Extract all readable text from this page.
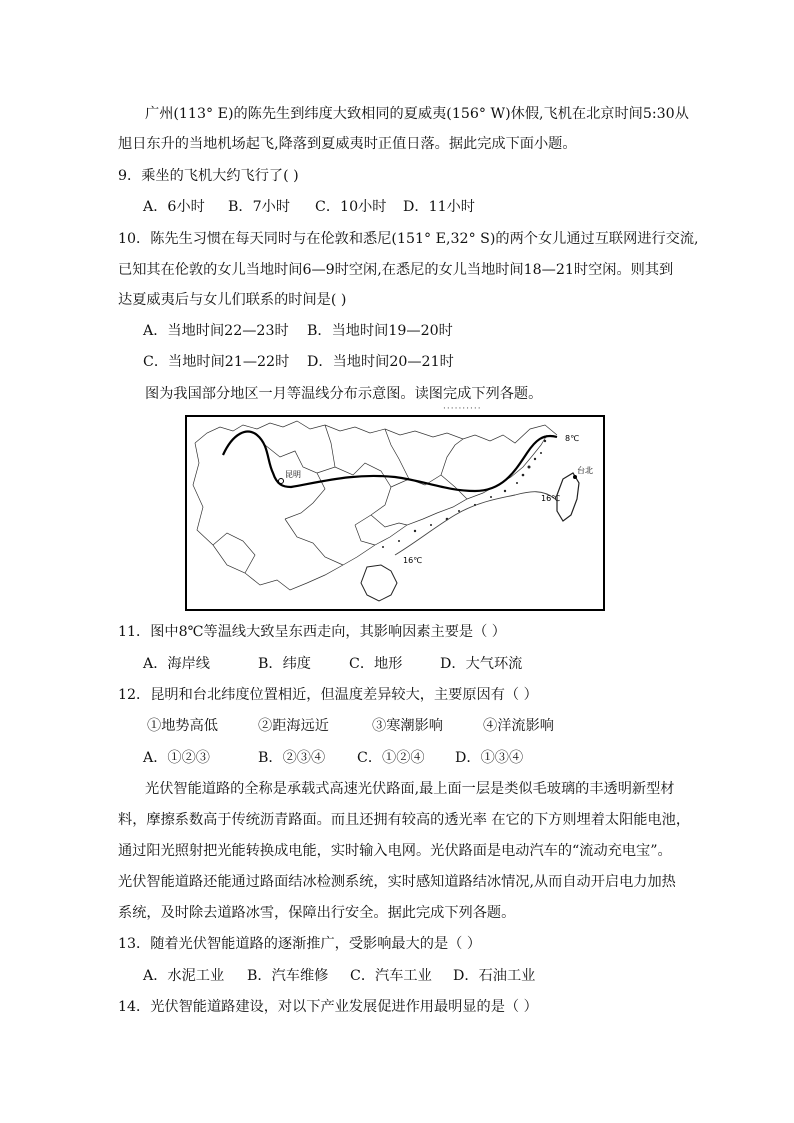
广州(113° E)的陈先生到纬度大致相同的夏威夷(156° W)休假,飞机在北京时间5:30从
旭日东升的当地机场起飞,降落到夏威夷时正值日落。据此完成下面小题。
9．乘坐的飞机大约飞行了( )
A．6小时 B．7小时 C．10小时 D．11小时
10．陈先生习惯在每天同时与在伦敦和悉尼(151° E,32° S)的两个女儿通过互联网进行交流,
已知其在伦敦的女儿当地时间6—9时空闲,在悉尼的女儿当地时间18—21时空闲。则其到
达夏威夷后与女儿们联系的时间是( )
A．当地时间22—23时 B．当地时间19—20时
C．当地时间21—22时 D．当地时间20—21时
图为我国部分地区一月等温线分布示意图。读图完成下列各题。
··········
昆明	台北
8℃
16℃
16℃
11．图中8℃等温线大致呈东西走向，其影响因素主要是（ ）
A．海岸线	B．纬度	C．地形	D．大气环流
12．昆明和台北纬度位置相近，但温度差异较大，主要原因有（ ）
①地势高低	②距海远近	③寒潮影响	④洋流影响
A．①②③	B．②③④ C．①②④ D．①③④
光伏智能道路的全称是承载式高速光伏路面,最上面一层是类似毛玻璃的丰透明新型材
料，摩擦系数高于传统沥青路面。而且还拥有较高的透光率 在它的下方则埋着太阳能电池，
通过阳光照射把光能转换成电能，实时输入电网。光伏路面是电动汽车的“流动充电宝”。
光伏智能道路还能通过路面结冰检测系统，实时感知道路结冰情况,从而自动开启电力加热
系统，及时除去道路冰雪，保障出行安全。据此完成下列各题。
13．随着光伏智能道路的逐渐推广，受影响最大的是（ ）
A．水泥工业 B．汽车维修 C．汽车工业 D．石油工业
14．光伏智能道路建设，对以下产业发展促进作用最明显的是（ ）
